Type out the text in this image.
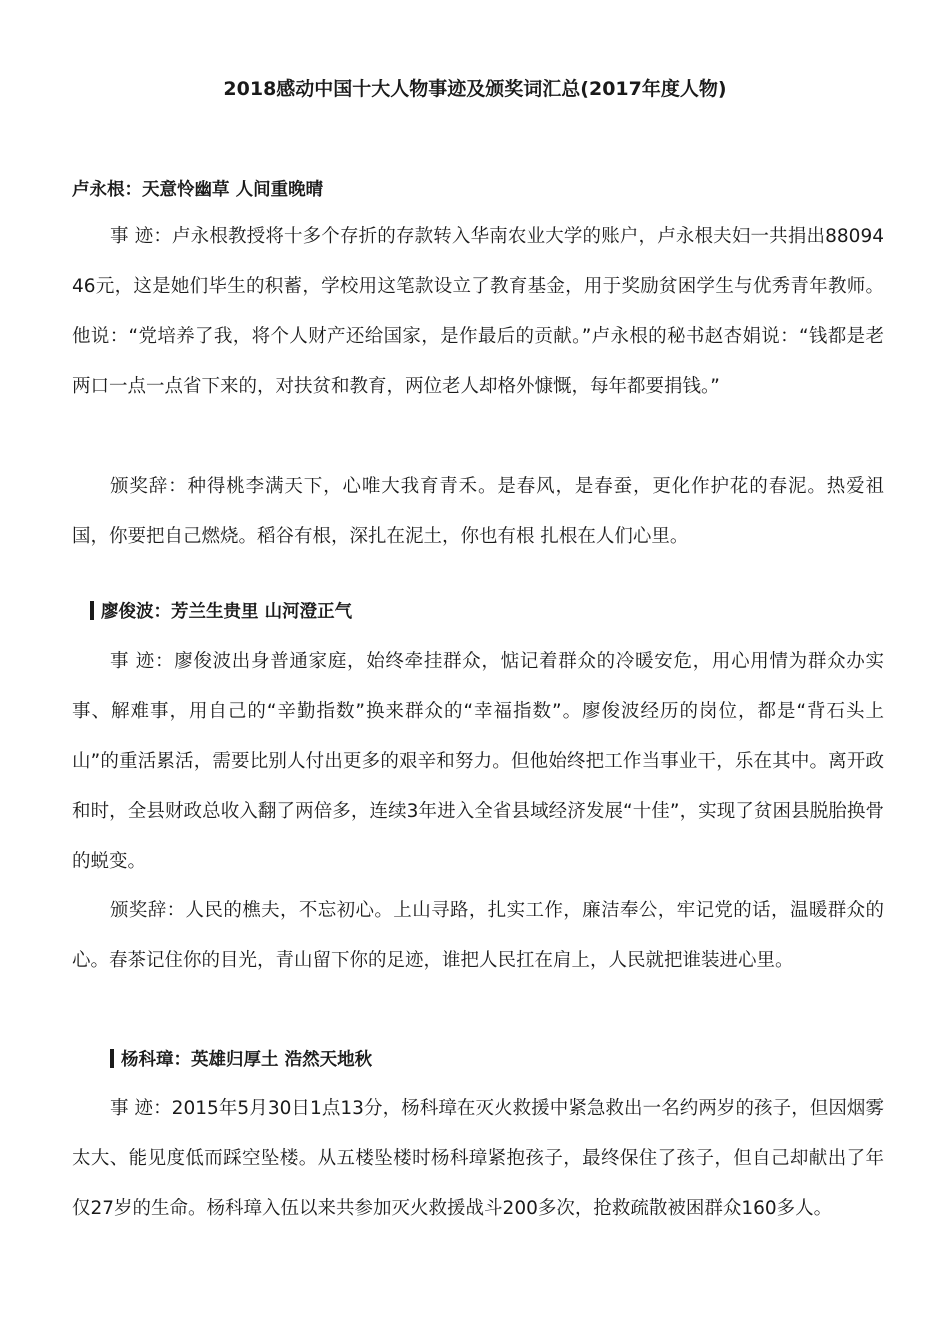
2018感动中国十大人物事迹及颁奖词汇总(2017年度人物)
卢永根：天意怜幽草 人间重晚晴

事 迹：卢永根教授将十多个存折的存款转入华南农业大学的账户，卢永根夫妇一共捐出8809446元，这是她们毕生的积蓄，学校用这笔款设立了教育基金，用于奖励贫困学生与优秀青年教师。他说：“党培养了我，将个人财产还给国家，是作最后的贡献。”卢永根的秘书赵杏娟说：“钱都是老两口一点一点省下来的，对扶贫和教育，两位老人却格外慷慨，每年都要捐钱。”

颁奖辞：种得桃李满天下，心唯大我育青禾。是春风，是春蚕，更化作护花的春泥。热爱祖国，你要把自己燃烧。稻谷有根，深扎在泥土，你也有根 扎根在人们心里。

廖俊波：芳兰生贵里 山河澄正气

事 迹：廖俊波出身普通家庭，始终牵挂群众，惦记着群众的冷暖安危，用心用情为群众办实事、解难事，用自己的“辛勤指数”换来群众的“幸福指数”。廖俊波经历的岗位，都是“背石头上山”的重活累活，需要比别人付出更多的艰辛和努力。但他始终把工作当事业干，乐在其中。离开政和时，全县财政总收入翻了两倍多，连续3年进入全省县域经济发展“十佳”，实现了贫困县脱胎换骨的蜕变。

颁奖辞：人民的樵夫，不忘初心。上山寻路，扎实工作，廉洁奉公，牢记党的话，温暖群众的心。春茶记住你的目光，青山留下你的足迹，谁把人民扛在肩上，人民就把谁装进心里。

杨科璋：英雄归厚土 浩然天地秋

事 迹：2015年5月30日1点13分，杨科璋在灭火救援中紧急救出一名约两岁的孩子，但因烟雾太大、能见度低而踩空坠楼。从五楼坠楼时杨科璋紧抱孩子，最终保住了孩子，但自己却献出了年仅27岁的生命。杨科璋入伍以来共参加灭火救援战斗200多次，抢救疏散被困群众160多人。
